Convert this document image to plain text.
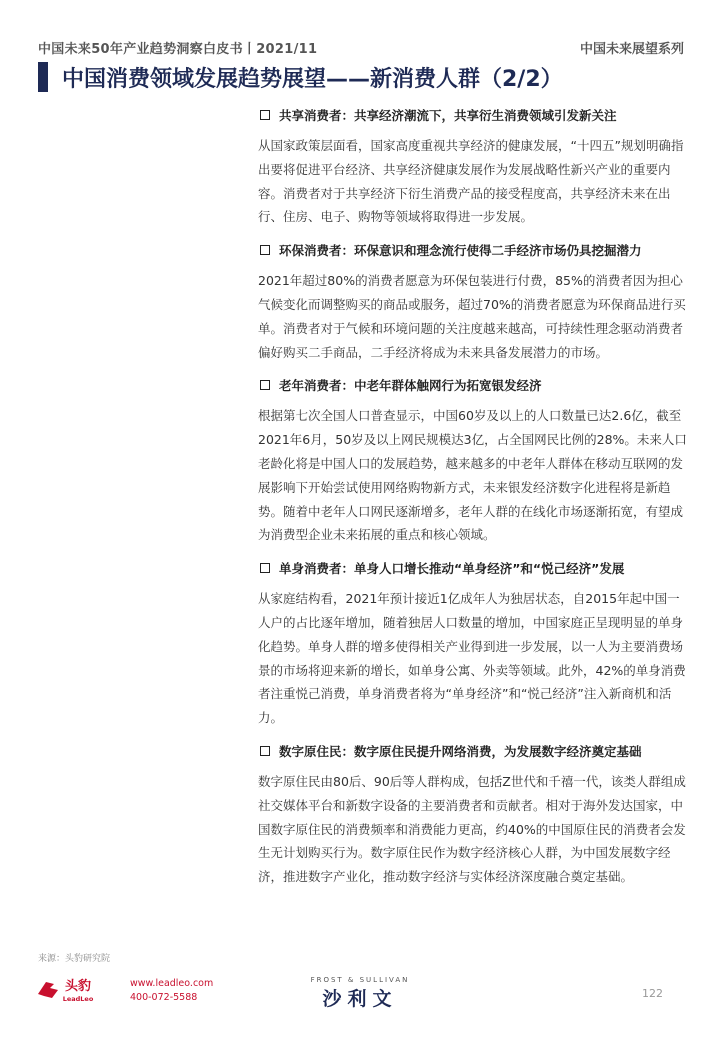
中国未来50年产业趋势洞察白皮书丨2021/11	中国未来展望系列
中国消费领域发展趋势展望——新消费人群（2/2）
共享消费者：共享经济潮流下，共享衍生消费领域引发新关注
从国家政策层面看，国家高度重视共享经济的健康发展，“十四五”规划明确指出要将促进平台经济、共享经济健康发展作为发展战略性新兴产业的重要内容。消费者对于共享经济下衍生消费产品的接受程度高，共享经济未来在出行、住房、电子、购物等领域将取得进一步发展。
环保消费者：环保意识和理念流行使得二手经济市场仍具挖掘潜力
2021年超过80%的消费者愿意为环保包装进行付费，85%的消费者因为担心气候变化而调整购买的商品或服务，超过70%的消费者愿意为环保商品进行买单。消费者对于气候和环境问题的关注度越来越高，可持续性理念驱动消费者偏好购买二手商品，二手经济将成为未来具备发展潜力的市场。
老年消费者：中老年群体触网行为拓宽银发经济
根据第七次全国人口普查显示，中国60岁及以上的人口数量已达2.6亿，截至2021年6月，50岁及以上网民规模达3亿，占全国网民比例的28%。未来人口老龄化将是中国人口的发展趋势，越来越多的中老年人群体在移动互联网的发展影响下开始尝试使用网络购物新方式，未来银发经济数字化进程将是新趋势。随着中老年人口网民逐渐增多，老年人群的在线化市场逐渐拓宽，有望成为消费型企业未来拓展的重点和核心领域。
单身消费者：单身人口增长推动“单身经济”和“悦己经济”发展
从家庭结构看，2021年预计接近1亿成年人为独居状态，自2015年起中国一人户的占比逐年增加，随着独居人口数量的增加，中国家庭正呈现明显的单身化趋势。单身人群的增多使得相关产业得到进一步发展，以一人为主要消费场景的市场将迎来新的增长，如单身公寓、外卖等领域。此外，42%的单身消费者注重悦己消费，单身消费者将为“单身经济”和“悦己经济”注入新商机和活力。
数字原住民：数字原住民提升网络消费，为发展数字经济奠定基础
数字原住民由80后、90后等人群构成，包括Z世代和千禧一代，该类人群组成社交媒体平台和新数字设备的主要消费者和贡献者。相对于海外发达国家，中国数字原住民的消费频率和消费能力更高，约40%的中国原住民的消费者会发生无计划购买行为。数字原住民作为数字经济核心人群，为中国发展数字经济，推进数字产业化，推动数字经济与实体经济深度融合奠定基础。
来源：头豹研究院
头豹
LeadLeo
www.leadleo.com
400-072-5588
FROST & SULLIVAN
沙利文	122
